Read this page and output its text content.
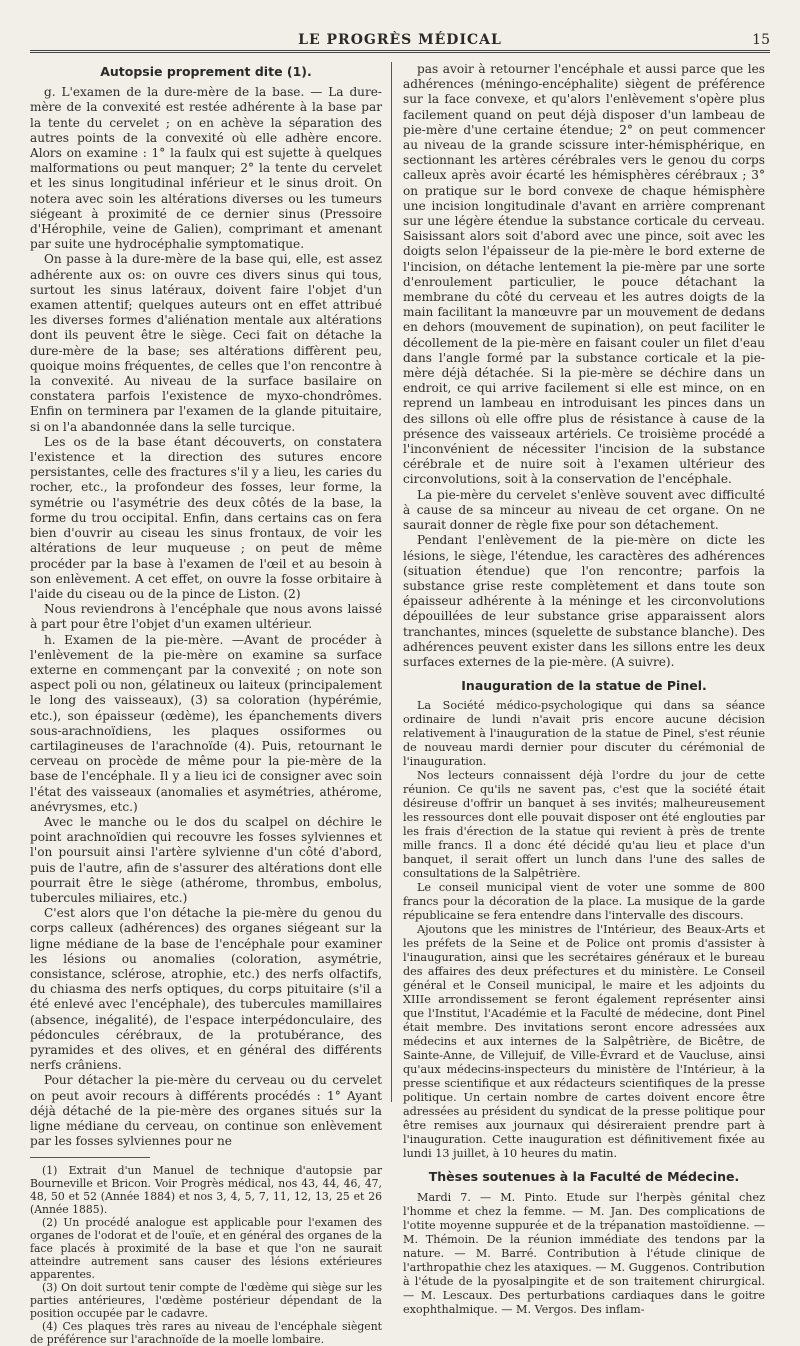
LE PROGRÈS MÉDICAL	15
Autopsie proprement dite (1).

g. L'examen de la dure-mère de la base. — La dure-mère de la convexité est restée adhérente à la base par la tente du cervelet ; on en achève la séparation des autres points de la convexité où elle adhère encore. Alors on examine : 1° la faulx qui est sujette à quelques malformations ou peut manquer; 2° la tente du cervelet et les sinus longitudinal inférieur et le sinus droit. On notera avec soin les altérations diverses ou les tumeurs siégeant à proximité de ce dernier sinus (Pressoire d'Hérophile, veine de Galien), comprimant et amenant par suite une hydrocéphalie symptomatique.

On passe à la dure-mère de la base qui, elle, est assez adhérente aux os: on ouvre ces divers sinus qui tous, surtout les sinus latéraux, doivent faire l'objet d'un examen attentif; quelques auteurs ont en effet attribué les diverses formes d'aliénation mentale aux altérations dont ils peuvent être le siège. Ceci fait on détache la dure-mère de la base; ses altérations diffèrent peu, quoique moins fréquentes, de celles que l'on rencontre à la convexité. Au niveau de la surface basilaire on constatera parfois l'existence de myxo-chondrômes. Enfin on terminera par l'examen de la glande pituitaire, si on l'a abandonnée dans la selle turcique.

Les os de la base étant découverts, on constatera l'existence et la direction des sutures encore persistantes, celle des fractures s'il y a lieu, les caries du rocher, etc., la profondeur des fosses, leur forme, la symétrie ou l'asymétrie des deux côtés de la base, la forme du trou occipital. Enfin, dans certains cas on fera bien d'ouvrir au ciseau les sinus frontaux, de voir les altérations de leur muqueuse ; on peut de même procéder par la base à l'examen de l'œil et au besoin à son enlèvement. A cet effet, on ouvre la fosse orbitaire à l'aide du ciseau ou de la pince de Liston. (2)

Nous reviendrons à l'encéphale que nous avons laissé à part pour être l'objet d'un examen ultérieur.

h. Examen de la pie-mère. —Avant de procéder à l'enlèvement de la pie-mère on examine sa surface externe en commençant par la convexité ; on note son aspect poli ou non, gélatineux ou laiteux (principalement le long des vaisseaux), (3) sa coloration (hypérémie, etc.), son épaisseur (œdème), les épanchements divers sous-arachnoïdiens, les plaques ossiformes ou cartilagineuses de l'arachnoïde (4). Puis, retournant le cerveau on procède de même pour la pie-mère de la base de l'encéphale. Il y a lieu ici de consigner avec soin l'état des vaisseaux (anomalies et asymétries, athérome, anévrysmes, etc.)

Avec le manche ou le dos du scalpel on déchire le point arachnoïdien qui recouvre les fosses sylviennes et l'on poursuit ainsi l'artère sylvienne d'un côté d'abord, puis de l'autre, afin de s'assurer des altérations dont elle pourrait être le siège (athérome, thrombus, embolus, tubercules miliaires, etc.)

C'est alors que l'on détache la pie-mère du genou du corps calleux (adhérences) des organes siégeant sur la ligne médiane de la base de l'encéphale pour examiner les lésions ou anomalies (coloration, asymétrie, consistance, sclérose, atrophie, etc.) des nerfs olfactifs, du chiasma des nerfs optiques, du corps pituitaire (s'il a été enlevé avec l'encéphale), des tubercules mamillaires (absence, inégalité), de l'espace interpédonculaire, des pédoncules cérébraux, de la protubérance, des pyramides et des olives, et en général des différents nerfs crâniens.

Pour détacher la pie-mère du cerveau ou du cervelet on peut avoir recours à différents procédés : 1° Ayant déjà détaché de la pie-mère des organes situés sur la ligne médiane du cerveau, on continue son enlèvement par les fosses sylviennes pour ne

(1) Extrait d'un Manuel de technique d'autopsie par Bourneville et Bricon. Voir Progrès médical, nos 43, 44, 46, 47, 48, 50 et 52 (Année 1884) et nos 3, 4, 5, 7, 11, 12, 13, 25 et 26 (Année 1885).

(2) Un procédé analogue est applicable pour l'examen des organes de l'odorat et de l'ouïe, et en général des organes de la face placés à proximité de la base et que l'on ne saurait atteindre autrement sans causer des lésions extérieures apparentes.

(3) On doit surtout tenir compte de l'œdème qui siège sur les parties antérieures, l'œdème postérieur dépendant de la position occupée par le cadavre.

(4) Ces plaques très rares au niveau de l'encéphale siègent de préférence sur l'arachnoïde de la moelle lombaire.

pas avoir à retourner l'encéphale et aussi parce que les adhérences (méningo-encéphalite) siègent de préférence sur la face convexe, et qu'alors l'enlèvement s'opère plus facilement quand on peut déjà disposer d'un lambeau de pie-mère d'une certaine étendue; 2° on peut commencer au niveau de la grande scissure inter-hémisphérique, en sectionnant les artères cérébrales vers le genou du corps calleux après avoir écarté les hémisphères cérébraux ; 3° on pratique sur le bord convexe de chaque hémisphère une incision longitudinale d'avant en arrière comprenant sur une légère étendue la substance corticale du cerveau. Saisissant alors soit d'abord avec une pince, soit avec les doigts selon l'épaisseur de la pie-mère le bord externe de l'incision, on détache lentement la pie-mère par une sorte d'enroulement particulier, le pouce détachant la membrane du côté du cerveau et les autres doigts de la main facilitant la manœuvre par un mouvement de dedans en dehors (mouvement de supination), on peut faciliter le décollement de la pie-mère en faisant couler un filet d'eau dans l'angle formé par la substance corticale et la pie-mère déjà détachée. Si la pie-mère se déchire dans un endroit, ce qui arrive facilement si elle est mince, on en reprend un lambeau en introduisant les pinces dans un des sillons où elle offre plus de résistance à cause de la présence des vaisseaux artériels. Ce troisième procédé a l'inconvénient de nécessiter l'incision de la substance cérébrale et de nuire soit à l'examen ultérieur des circonvolutions, soit à la conservation de l'encéphale.

La pie-mère du cervelet s'enlève souvent avec difficulté à cause de sa minceur au niveau de cet organe. On ne saurait donner de règle fixe pour son détachement.

Pendant l'enlèvement de la pie-mère on dicte les lésions, le siège, l'étendue, les caractères des adhérences (situation étendue) que l'on rencontre; parfois la substance grise reste complètement et dans toute son épaisseur adhérente à la méninge et les circonvolutions dépouillées de leur substance grise apparaissent alors tranchantes, minces (squelette de substance blanche). Des adhérences peuvent exister dans les sillons entre les deux surfaces externes de la pie-mère. (A suivre).

Inauguration de la statue de Pinel.

La Société médico-psychologique qui dans sa séance ordinaire de lundi n'avait pris encore aucune décision relativement à l'inauguration de la statue de Pinel, s'est réunie de nouveau mardi dernier pour discuter du cérémonial de l'inauguration.

Nos lecteurs connaissent déjà l'ordre du jour de cette réunion. Ce qu'ils ne savent pas, c'est que la société était désireuse d'offrir un banquet à ses invités; malheureusement les ressources dont elle pouvait disposer ont été englouties par les frais d'érection de la statue qui revient à près de trente mille francs. Il a donc été décidé qu'au lieu et place d'un banquet, il serait offert un lunch dans l'une des salles de consultations de la Salpêtrière.

Le conseil municipal vient de voter une somme de 800 francs pour la décoration de la place. La musique de la garde républicaine se fera entendre dans l'intervalle des discours.

Ajoutons que les ministres de l'Intérieur, des Beaux-Arts et les préfets de la Seine et de Police ont promis d'assister à l'inauguration, ainsi que les secrétaires généraux et le bureau des affaires des deux préfectures et du ministère. Le Conseil général et le Conseil municipal, le maire et les adjoints du XIIIe arrondissement se feront également représenter ainsi que l'Institut, l'Académie et la Faculté de médecine, dont Pinel était membre. Des invitations seront encore adressées aux médecins et aux internes de la Salpêtrière, de Bicêtre, de Sainte-Anne, de Villejuif, de Ville-Évrard et de Vaucluse, ainsi qu'aux médecins-inspecteurs du ministère de l'Intérieur, à la presse scientifique et aux rédacteurs scientifiques de la presse politique. Un certain nombre de cartes doivent encore être adressées au président du syndicat de la presse politique pour être remises aux journaux qui désireraient prendre part à l'inauguration. Cette inauguration est définitivement fixée au lundi 13 juillet, à 10 heures du matin.

Thèses soutenues à la Faculté de Médecine.

Mardi 7. — M. Pinto. Etude sur l'herpès génital chez l'homme et chez la femme. — M. Jan. Des complications de l'otite moyenne suppurée et de la trépanation mastoïdienne. — M. Thémoin. De la réunion immédiate des tendons par la nature. — M. Barré. Contribution à l'étude clinique de l'arthropathie chez les ataxiques. — M. Guggenos. Contribution à l'étude de la pyosalpingite et de son traitement chirurgical. — M. Lescaux. Des perturbations cardiaques dans le goitre exophthalmique. — M. Vergos. Des inflam-
